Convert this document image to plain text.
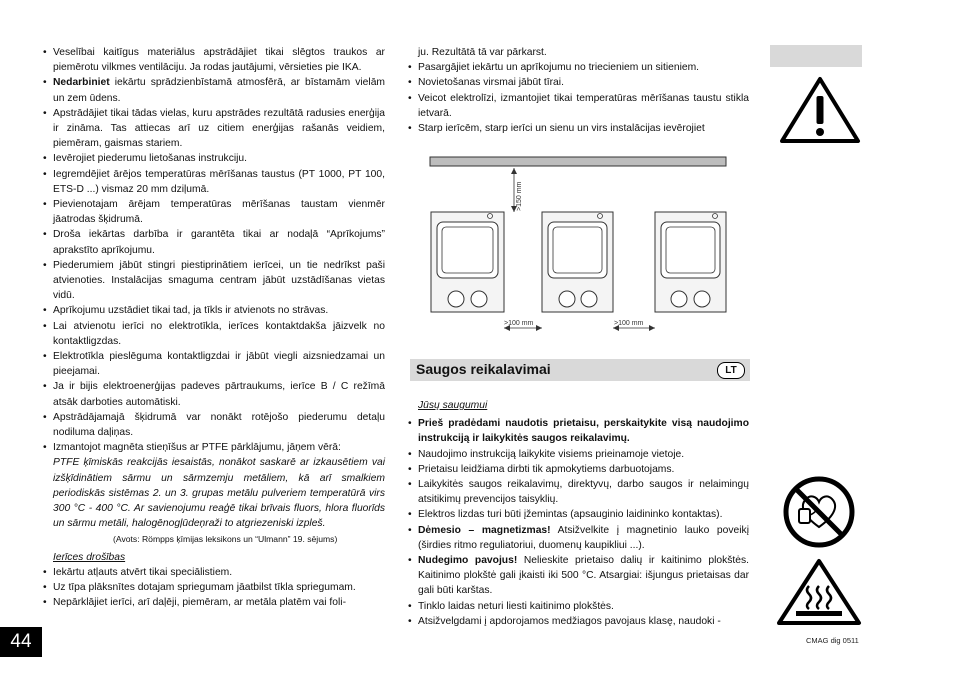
• Veselībai kaitīgus materiālus apstrādājiet tikai slēgtos traukos ar piemērotu vilkmes ventilāciju. Ja rodas jautājumi, vērsieties pie IKA.

• Nedarbiniet iekārtu sprādzienbīstamā atmosfērā, ar bīstamām vielām un zem ūdens.

• Apstrādājiet tikai tādas vielas, kuru apstrādes rezultātā radusies enerģija ir zināma. Tas attiecas arī uz citiem enerģijas rašanās veidiem, piemēram, gaismas stariem.

• Ievērojiet piederumu lietošanas instrukciju.

• Iegremdējiet ārējos temperatūras mērīšanas taustus (PT 1000, PT 100, ETS-D ...) vismaz 20 mm dziļumā.

• Pievienotajam ārējam temperatūras mērīšanas taustam vienmēr jāatrodas šķidrumā.

• Droša iekārtas darbība ir garantēta tikai ar nodaļā “Aprīkojums” aprakstīto aprīkojumu.

• Piederumiem jābūt stingri piestiprinātiem ierīcei, un tie nedrīkst paši atvienoties. Instalācijas smaguma centram jābūt uzstādīšanas vietas vidū.

• Aprīkojumu uzstādiet tikai tad, ja tīkls ir atvienots no strāvas.

• Lai atvienotu ierīci no elektrotīkla, ierīces kontaktdakša jāizvelk no kontaktligzdas.

• Elektrotīkla pieslēguma kontaktligzdai ir jābūt viegli aizsniedzamai un pieejamai.

• Ja ir bijis elektroenerģijas padeves pārtraukums, ierīce B / C režīmā atsāk darboties automātiski.

• Apstrādājamajā šķidrumā var nonākt rotējošo piederumu detaļu nodiluma daļiņas.

• Izmantojot magnēta stieņīšus ar PTFE pārklājumu, jāņem vērā:

PTFE ķīmiskās reakcijās iesaistās, nonākot saskarē ar izkausētiem vai izšķīdinātiem sārmu un sārmzemju metāliem, kā arī smalkiem periodiskās sistēmas 2. un 3. grupas metālu pulveriem temperatūrā virs 300 °C - 400 °C. Ar savienojumu reaģē tikai brīvais fluors, hlora fluorīds un sārmu metāli, halogēnogļūdeņraži to atgriezeniski izpleš.

(Avots: Römpps ķīmijas leksikons un “Ulmann” 19. sējums)

Ierīces drošības

• Iekārtu atļauts atvērt tikai speciālistiem.

• Uz tīpa plāksnītes dotajam spriegumam jāatbilst tīkla spriegumam.

• Nepārklājiet ierīci, arī daļēji, piemēram, ar metāla platēm vai foli-

ju. Rezultātā tā var pārkarst.

• Pasargājiet iekārtu un aprīkojumu no triecieniem un sitieniem.

• Novietošanas virsmai jābūt tīrai.

• Veicot elektrolīzi, izmantojiet tikai temperatūras mērīšanas taustu stikla ietvarā.

• Starp ierīcēm, starp ierīci un sienu un virs instalācijas ievērojiet

>150 mm
>100 mm	>100 mm
Saugos reikalavimai	LT

Jūsų saugumui

• Prieš pradėdami naudotis prietaisu, perskaitykite visą naudojimo instrukciją ir laikykitės saugos reikalavimų.

• Naudojimo instrukciją laikykite visiems prieinamoje vietoje.

• Prietaisu leidžiama dirbti tik apmokytiems darbuotojams.

• Laikykitės saugos reikalavimų, direktyvų, darbo saugos ir nelaimingų atsitikimų prevencijos taisyklių.

• Elektros lizdas turi būti įžemintas (apsauginio laidininko kontaktas).

• Dėmesio – magnetizmas! Atsižvelkite į magnetinio lauko poveikį (širdies ritmo reguliatoriui, duomenų kaupikliui ...).

• Nudegimo pavojus! Nelieskite prietaiso dalių ir kaitinimo plokštės. Kaitinimo plokštė gali įkaisti iki 500 °C. Atsargiai: išjungus prietaisas dar gali būti karštas.

• Tinklo laidas neturi liesti kaitinimo plokštės.

• Atsižvelgdami į apdorojamos medžiagos pavojaus klasę, naudoki -

CMAG dig 0511
44
